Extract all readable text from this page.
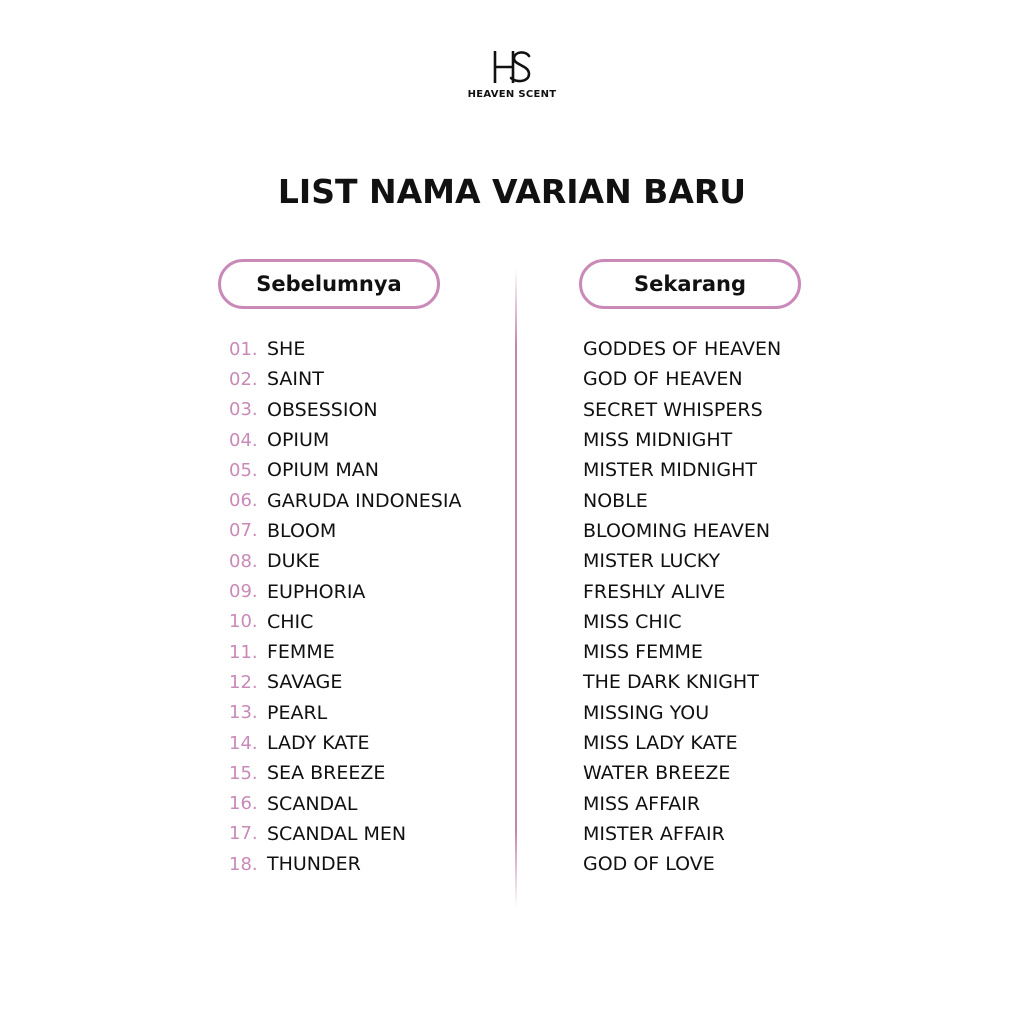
HEAVEN SCENT
LIST NAMA VARIAN BARU
Sebelumnya	Sekarang
01. SHE
02. SAINT
03. OBSESSION
04. OPIUM
05. OPIUM MAN
06. GARUDA INDONESIA
07. BLOOM
08. DUKE
09. EUPHORIA
10. CHIC
11. FEMME
12. SAVAGE
13. PEARL
14. LADY KATE
15. SEA BREEZE
16. SCANDAL
17. SCANDAL MEN
18. THUNDER
GODDES OF HEAVEN
GOD OF HEAVEN
SECRET WHISPERS
MISS MIDNIGHT
MISTER MIDNIGHT
NOBLE
BLOOMING HEAVEN
MISTER LUCKY
FRESHLY ALIVE
MISS CHIC
MISS FEMME
THE DARK KNIGHT
MISSING YOU
MISS LADY KATE
WATER BREEZE
MISS AFFAIR
MISTER AFFAIR
GOD OF LOVE
